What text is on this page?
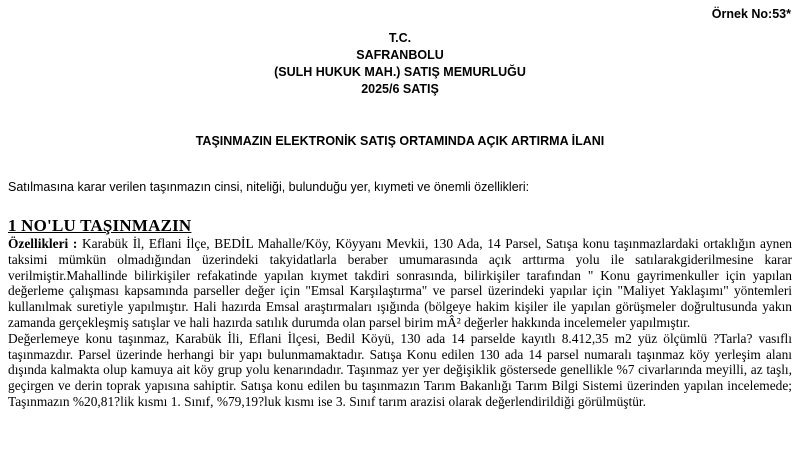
Örnek No:53*
T.C.
SAFRANBOLU
(SULH HUKUK MAH.) SATIŞ MEMURLUĞU
2025/6 SATIŞ
TAŞINMAZIN ELEKTRONİK SATIŞ ORTAMINDA AÇIK ARTIRMA İLANI
Satılmasına karar verilen taşınmazın cinsi, niteliği, bulunduğu yer, kıymeti ve önemli özellikleri:
1 NO'LU TAŞINMAZIN

Özellikleri : Karabük İl, Eflani İlçe, BEDİL Mahalle/Köy, Köyyanı Mevkii, 130 Ada, 14 Parsel, Satışa konu taşınmazlardaki ortaklığın aynen taksimi mümkün olmadığından üzerindeki takyidatlarla beraber umumarasında açık arttırma yolu ile satılarakgiderilmesine karar verilmiştir.Mahallinde bilirkişiler refakatinde yapılan kıymet takdiri sonrasında, bilirkişiler tarafından " Konu gayrimenkuller için yapılan değerleme çalışması kapsamında parseller değer için "Emsal Karşılaştırma" ve parsel üzerindeki yapılar için "Maliyet Yaklaşımı" yöntemleri kullanılmak suretiyle yapılmıştır. Hali hazırda Emsal araştırmaları ışığında (bölgeye hakim kişiler ile yapılan görüşmeler doğrultusunda yakın zamanda gerçekleşmiş satışlar ve hali hazırda satılık durumda olan parsel birim mÂ² değerler hakkında incelemeler yapılmıştır.

Değerlemeye konu taşınmaz, Karabük İli, Eflani İlçesi, Bedil Köyü, 130 ada 14 parselde kayıtlı 8.412,35 m2 yüz ölçümlü ?Tarla? vasıflı taşınmazdır. Parsel üzerinde herhangi bir yapı bulunmamaktadır. Satışa Konu edilen 130 ada 14 parsel numaralı taşınmaz köy yerleşim alanı dışında kalmakta olup kamuya ait köy grup yolu kenarındadır. Taşınmaz yer yer değişiklik göstersede genellikle %7 civarlarında meyilli, az taşlı, geçirgen ve derin toprak yapısına sahiptir. Satışa konu edilen bu taşınmazın Tarım Bakanlığı Tarım Bilgi Sistemi üzerinden yapılan incelemede; Taşınmazın %20,81?lik kısmı 1. Sınıf, %79,19?luk kısmı ise 3. Sınıf tarım arazisi olarak değerlendirildiği görülmüştür.
